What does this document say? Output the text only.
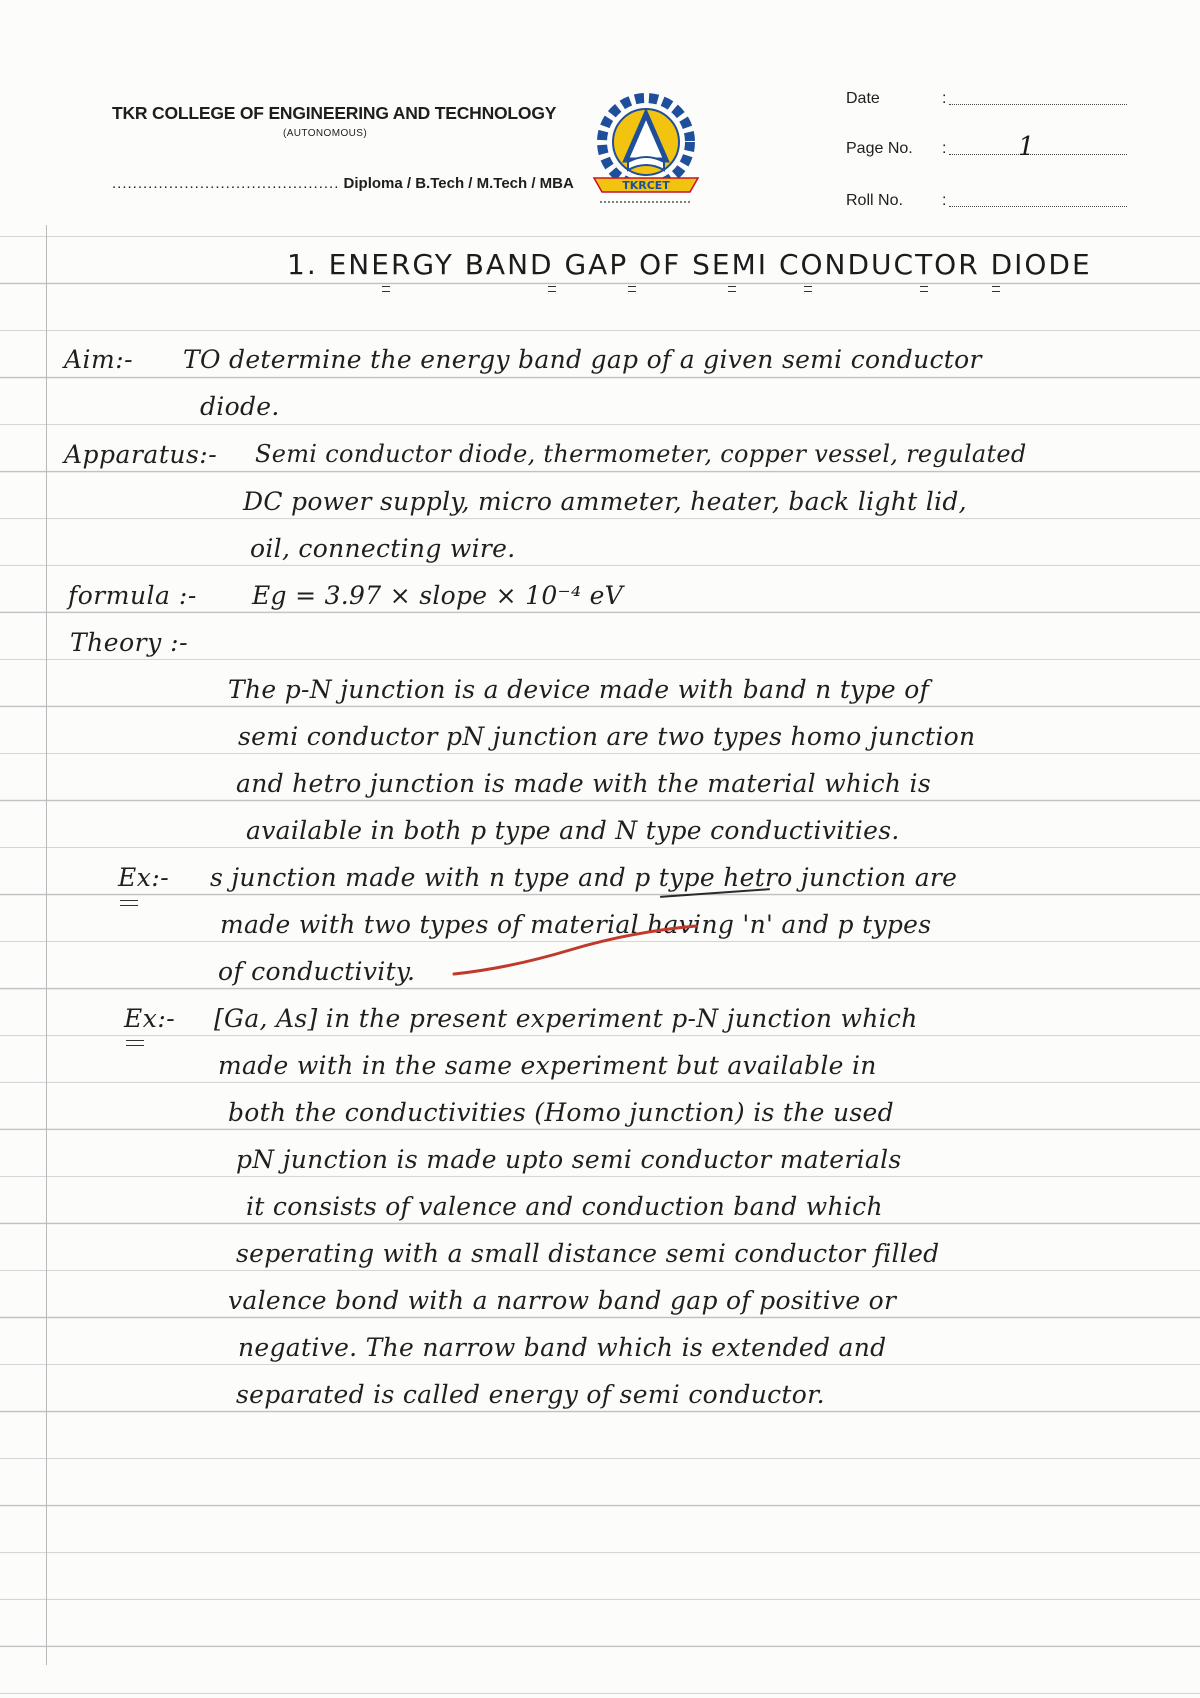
TKR COLLEGE OF ENGINEERING AND TECHNOLOGY
(AUTONOMOUS)
............................................ Diploma / B.Tech / M.Tech / MBA	TKRCET
Date	:
Page No. :	1
Roll No. :
1. ENERGY BAND GAP OF SEMI CONDUCTOR DIODE
Aim:- TO determine the energy band gap of a given semi conductor
diode.
Apparatus:- Semi conductor diode, thermometer, copper vessel, regulated
DC power supply, micro ammeter, heater, back light lid,
oil, connecting wire.
formula :- Eg = 3.97 × slope × 10⁻⁴ eV
Theory :-
The p-N junction is a device made with band n type of
semi conductor pN junction are two types homo junction
and hetro junction is made with the material which is
available in both p type and N type conductivities.
Ex:- s junction made with n type and p type hetro junction are
made with two types of material having 'n' and p types
of conductivity.
Ex:- [Ga, As] in the present experiment p-N junction which
made with in the same experiment but available in
both the conductivities (Homo junction) is the used
pN junction is made upto semi conductor materials
it consists of valence and conduction band which
seperating with a small distance semi conductor filled
valence bond with a narrow band gap of positive or
negative. The narrow band which is extended and
separated is called energy of semi conductor.
